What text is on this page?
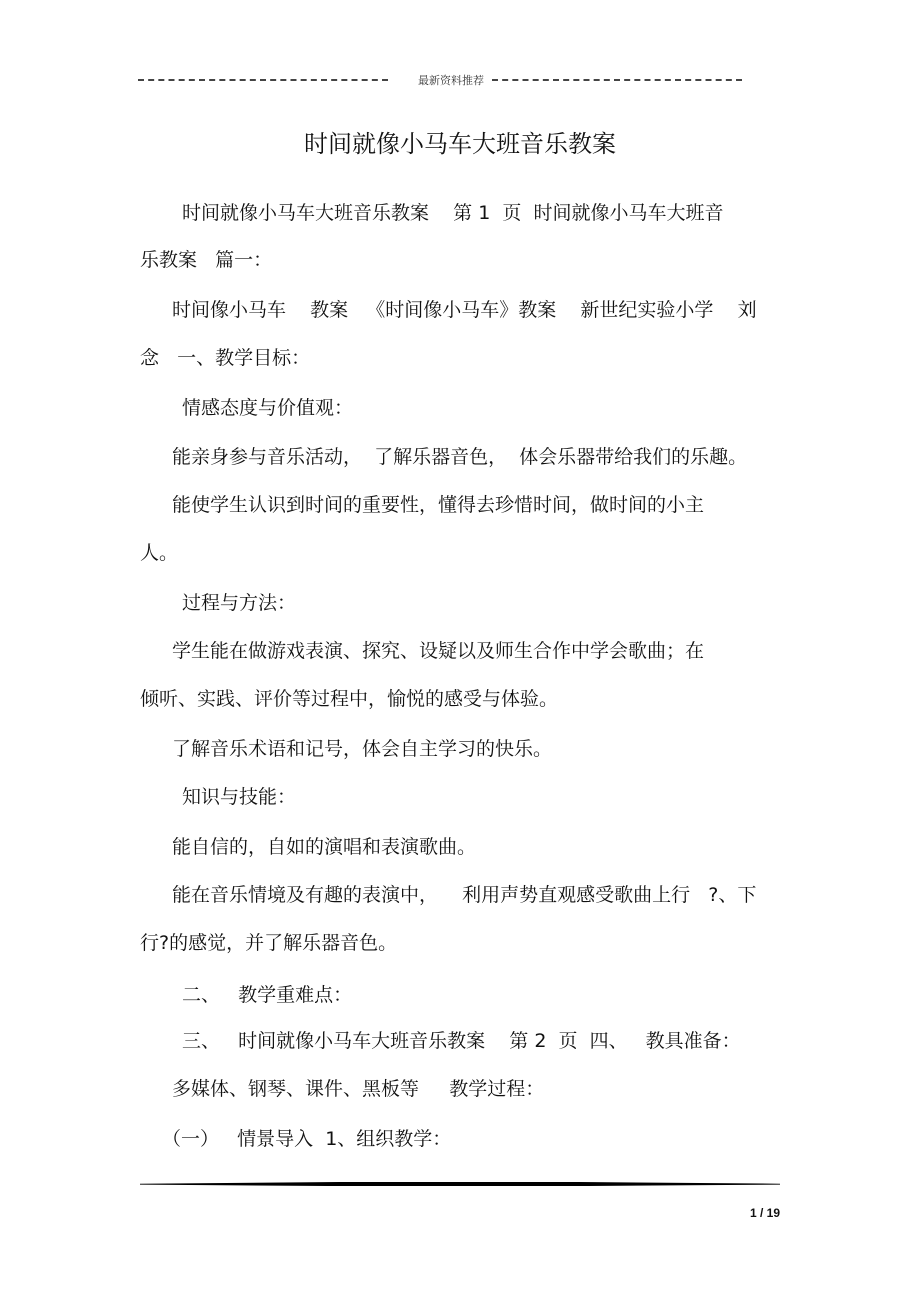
最新资料推荐
时间就像小马车大班音乐教案
时间就像小马车大班音乐教案    第 1  页  时间就像小马车大班音
乐教案   篇一：
时间像小马车    教案   《时间像小马车》教案    新世纪实验小学    刘
念   一、教学目标：
情感态度与价值观：
能亲身参与音乐活动，  了解乐器音色，  体会乐器带给我们的乐趣。
能使学生认识到时间的重要性，懂得去珍惜时间，做时间的小主
人。
过程与方法：
学生能在做游戏表演、探究、设疑以及师生合作中学会歌曲；在
倾听、实践、评价等过程中，愉悦的感受与体验。
了解音乐术语和记号，体会自主学习的快乐。
知识与技能：
能自信的，自如的演唱和表演歌曲。
能在音乐情境及有趣的表演中，    利用声势直观感受歌曲上行   ?、下
行?的感觉，并了解乐器音色。
二、   教学重难点：
三、   时间就像小马车大班音乐教案    第 2  页  四、   教具准备：
多媒体、钢琴、课件、黑板等     教学过程：
（一）   情景导入  1、组织教学：
1 / 19
